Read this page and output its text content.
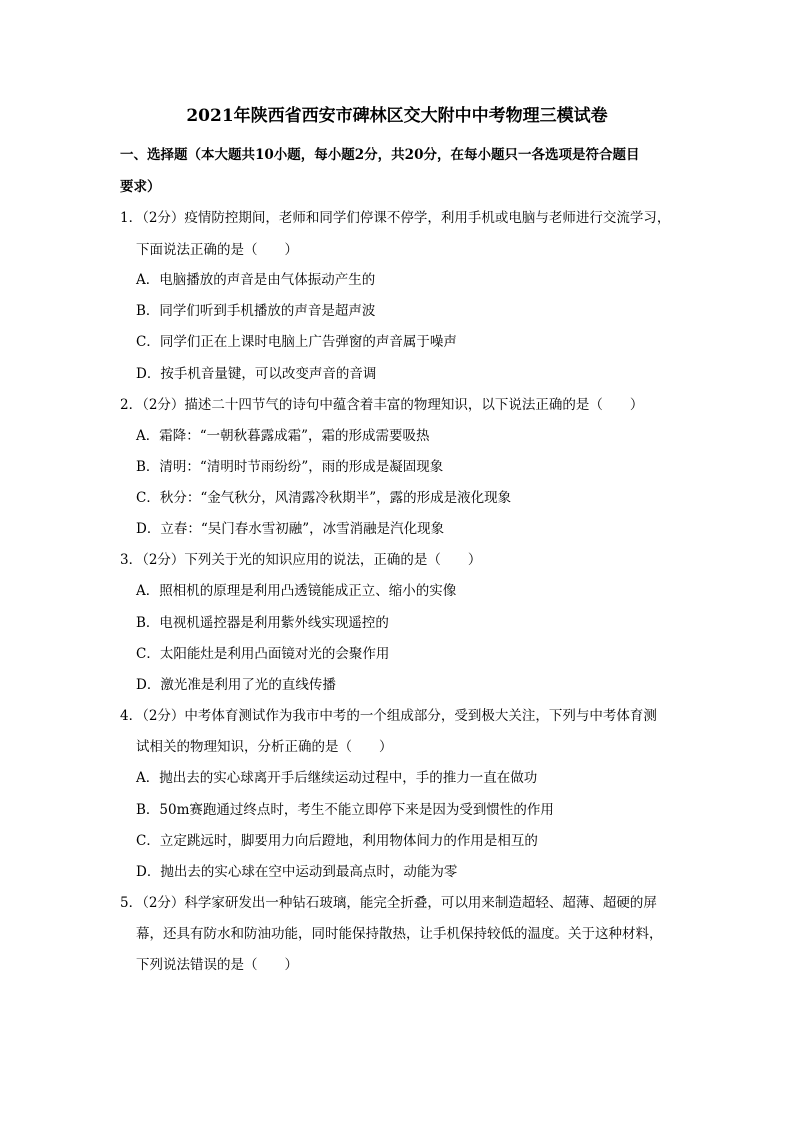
2021年陕西省西安市碑林区交大附中中考物理三模试卷
一、选择题（本大题共10小题，每小题2分，共20分，在每小题只一各选项是符合题目
要求）
1．（2分）疫情防控期间，老师和同学们停课不停学，利用手机或电脑与老师进行交流学习，
下面说法正确的是（　　）
A．电脑播放的声音是由气体振动产生的
B．同学们听到手机播放的声音是超声波
C．同学们正在上课时电脑上广告弹窗的声音属于噪声
D．按手机音量键，可以改变声音的音调
2．（2分）描述二十四节气的诗句中蕴含着丰富的物理知识，以下说法正确的是（　　）
A．霜降：“一朝秋暮露成霜”，霜的形成需要吸热
B．清明：“清明时节雨纷纷”，雨的形成是凝固现象
C．秋分：“金气秋分，风清露冷秋期半”，露的形成是液化现象
D．立春：“吴门春水雪初融”，冰雪消融是汽化现象
3．（2分）下列关于光的知识应用的说法，正确的是（　　）
A．照相机的原理是利用凸透镜能成正立、缩小的实像
B．电视机遥控器是利用紫外线实现遥控的
C．太阳能灶是利用凸面镜对光的会聚作用
D．激光准是利用了光的直线传播
4．（2分）中考体育测试作为我市中考的一个组成部分，受到极大关注，下列与中考体育测
试相关的物理知识，分析正确的是（　　）
A．抛出去的实心球离开手后继续运动过程中，手的推力一直在做功
B．50m赛跑通过终点时，考生不能立即停下来是因为受到惯性的作用
C．立定跳远时，脚要用力向后蹬地，利用物体间力的作用是相互的
D．抛出去的实心球在空中运动到最高点时，动能为零
5．（2分）科学家研发出一种钻石玻璃，能完全折叠，可以用来制造超轻、超薄、超硬的屏
幕，还具有防水和防油功能，同时能保持散热，让手机保持较低的温度。关于这种材料，
下列说法错误的是（　　）
